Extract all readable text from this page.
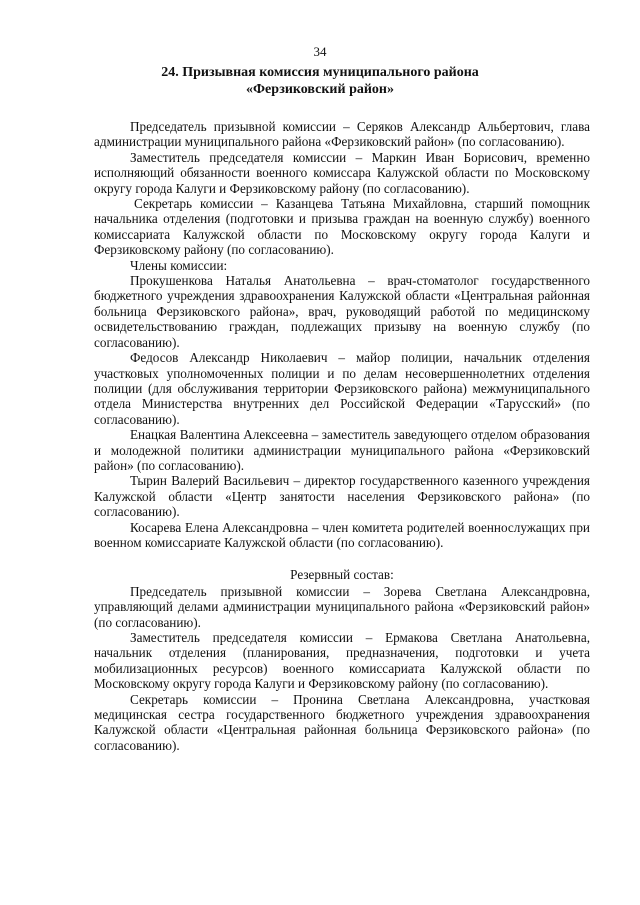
34
24. Призывная комиссия муниципального района
«Ферзиковский район»

Председатель призывной комиссии – Серяков Александр Альбертович, глава администрации муниципального района «Ферзиковский район» (по согласованию).

Заместитель председателя комиссии – Маркин Иван Борисович, временно исполняющий обязанности военного комиссара Калужской области по Московскому округу города Калуги и Ферзиковскому району (по согласованию).

Секретарь комиссии – Казанцева Татьяна Михайловна, старший помощник начальника отделения (подготовки и призыва граждан на военную службу) военного комиссариата Калужской области по Московскому округу города Калуги и Ферзиковскому району (по согласованию).

Члены комиссии:

Прокушенкова Наталья Анатольевна – врач-стоматолог государственного бюджетного учреждения здравоохранения Калужской области «Центральная районная больница Ферзиковского района», врач, руководящий работой по медицинскому освидетельствованию граждан, подлежащих призыву на военную службу (по согласованию).

Федосов Александр Николаевич – майор полиции, начальник отделения участковых уполномоченных полиции и по делам несовершеннолетних отделения полиции (для обслуживания территории Ферзиковского района) межмуниципального отдела Министерства внутренних дел Российской Федерации «Тарусский» (по согласованию).

Енацкая Валентина Алексеевна – заместитель заведующего отделом образования и молодежной политики администрации муниципального района «Ферзиковский район» (по согласованию).

Тырин Валерий Васильевич – директор государственного казенного учреждения Калужской области «Центр занятости населения Ферзиковского района» (по согласованию).

Косарева Елена Александровна – член комитета родителей военнослужащих при военном комиссариате Калужской области (по согласованию).

Резервный состав:

Председатель призывной комиссии – Зорева Светлана Александровна, управляющий делами администрации муниципального района «Ферзиковский район» (по согласованию).

Заместитель председателя комиссии – Ермакова Светлана Анатольевна, начальник отделения (планирования, предназначения, подготовки и учета мобилизационных ресурсов) военного комиссариата Калужской области по Московскому округу города Калуги и Ферзиковскому району (по согласованию).

Секретарь комиссии – Пронина Светлана Александровна, участковая медицинская сестра государственного бюджетного учреждения здравоохранения Калужской области «Центральная районная больница Ферзиковского района» (по согласованию).
